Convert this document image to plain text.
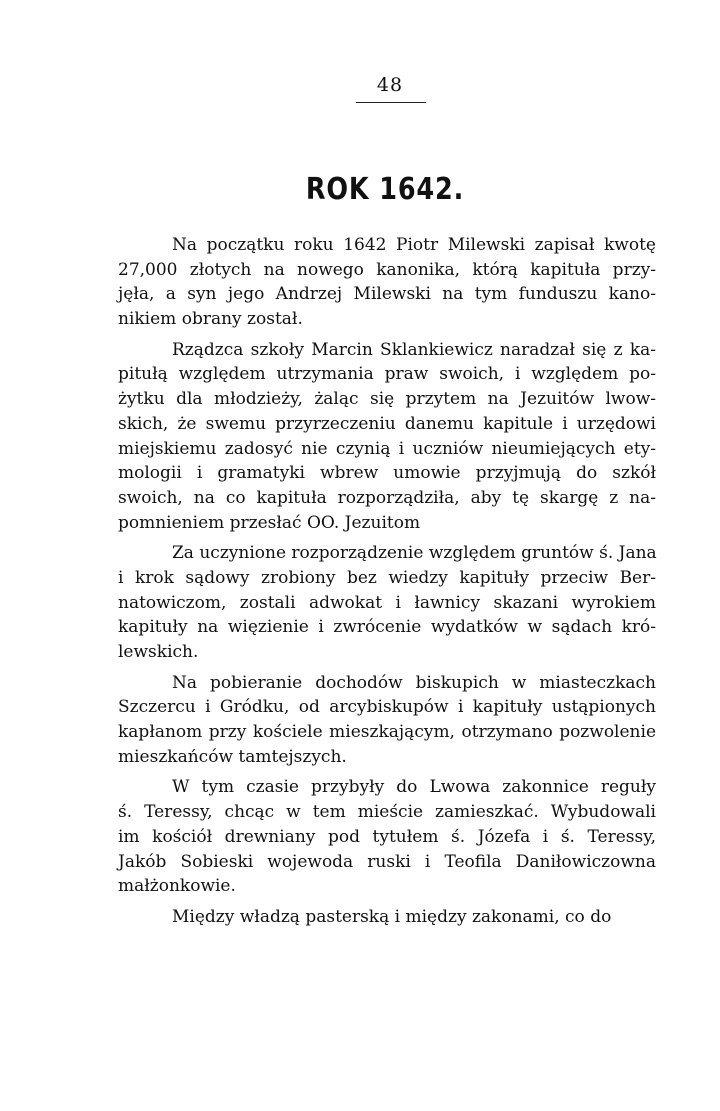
48
ROK 1642.
Na początku roku 1642 Piotr Milewski zapisał kwotę
27,000 złotych na nowego kanonika, którą kapituła przy-
jęła, a syn jego Andrzej Milewski na tym funduszu kano-
nikiem obrany został.
Rządzca szkoły Marcin Sklankiewicz naradzał się z ka-
pitułą względem utrzymania praw swoich, i względem po-
żytku dla młodzieży, żaląc się przytem na Jezuitów lwow-
skich, że swemu przyrzeczeniu danemu kapitule i urzędowi
miejskiemu zadosyć nie czynią i uczniów nieumiejących ety-
mologii i gramatyki wbrew umowie przyjmują do szkół
swoich, na co kapituła rozporządziła, aby tę skargę z na-
pomnieniem przesłać OO. Jezuitom
Za uczynione rozporządzenie względem gruntów ś. Jana
i krok sądowy zrobiony bez wiedzy kapituły przeciw Ber-
natowiczom, zostali adwokat i ławnicy skazani wyrokiem
kapituły na więzienie i zwrócenie wydatków w sądach kró-
lewskich.
Na pobieranie dochodów biskupich w miasteczkach
Szczercu i Gródku, od arcybiskupów i kapituły ustąpionych
kapłanom przy kościele mieszkającym, otrzymano pozwolenie
mieszkańców tamtejszych.
W tym czasie przybyły do Lwowa zakonnice reguły
ś. Teressy, chcąc w tem mieście zamieszkać. Wybudowali
im kościół drewniany pod tytułem ś. Józefa i ś. Teressy,
Jakób Sobieski wojewoda ruski i Teofila Daniłowiczowna
małżonkowie.
Między władzą pasterską i między zakonami, co do
